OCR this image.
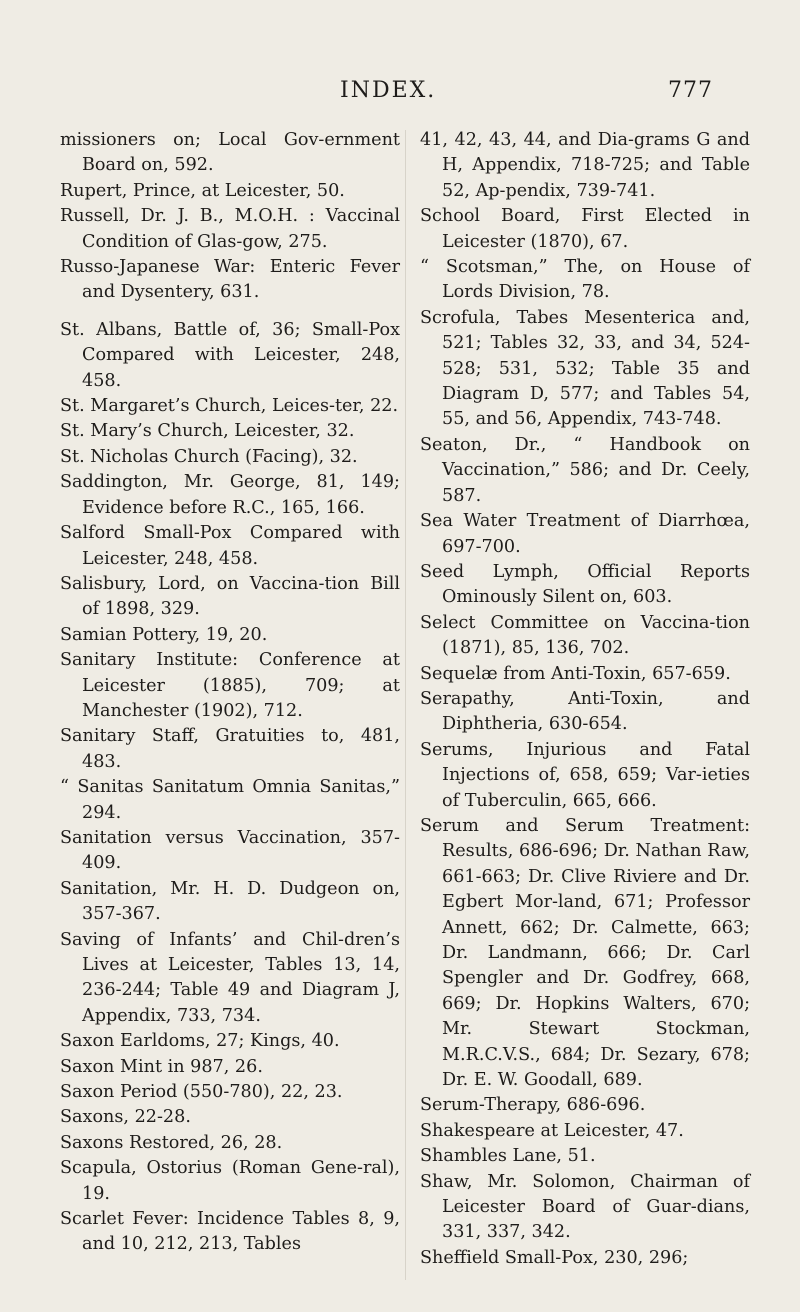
INDEX.	777

missioners on; Local Gov-ernment Board on, 592.

Rupert, Prince, at Leicester, 50.

Russell, Dr. J. B., M.O.H. : Vaccinal Condition of Glas-gow, 275.

Russo-Japanese War: Enteric Fever and Dysentery, 631.

St. Albans, Battle of, 36; Small-Pox Compared with Leicester, 248, 458.

St. Margaret’s Church, Leices-ter, 22.

St. Mary’s Church, Leicester, 32.

St. Nicholas Church (Facing), 32.

Saddington, Mr. George, 81, 149; Evidence before R.C., 165, 166.

Salford Small-Pox Compared with Leicester, 248, 458.

Salisbury, Lord, on Vaccina-tion Bill of 1898, 329.

Samian Pottery, 19, 20.

Sanitary Institute: Conference at Leicester (1885), 709; at Manchester (1902), 712.

Sanitary Staff, Gratuities to, 481, 483.

“ Sanitas Sanitatum Omnia Sanitas,” 294.

Sanitation versus Vaccination, 357-409.

Sanitation, Mr. H. D. Dudgeon on, 357-367.

Saving of Infants’ and Chil-dren’s Lives at Leicester, Tables 13, 14, 236-244; Table 49 and Diagram J, Appendix, 733, 734.

Saxon Earldoms, 27; Kings, 40.

Saxon Mint in 987, 26.

Saxon Period (550-780), 22, 23.

Saxons, 22-28.

Saxons Restored, 26, 28.

Scapula, Ostorius (Roman Gene-ral), 19.

Scarlet Fever: Incidence Tables 8, 9, and 10, 212, 213, Tables

41, 42, 43, 44, and Dia-grams G and H, Appendix, 718-725; and Table 52, Ap-pendix, 739-741.

School Board, First Elected in Leicester (1870), 67.

“ Scotsman,” The, on House of Lords Division, 78.

Scrofula, Tabes Mesenterica and, 521; Tables 32, 33, and 34, 524-528; 531, 532; Table 35 and Diagram D, 577; and Tables 54, 55, and 56, Appendix, 743-748.

Seaton, Dr., “ Handbook on Vaccination,” 586; and Dr. Ceely, 587.

Sea Water Treatment of Diarrhœa, 697-700.

Seed Lymph, Official Reports Ominously Silent on, 603.

Select Committee on Vaccina-tion (1871), 85, 136, 702.

Sequelæ from Anti-Toxin, 657-659.

Serapathy, Anti-Toxin, and Diphtheria, 630-654.

Serums, Injurious and Fatal Injections of, 658, 659; Var-ieties of Tuberculin, 665, 666.

Serum and Serum Treatment: Results, 686-696; Dr. Nathan Raw, 661-663; Dr. Clive Riviere and Dr. Egbert Mor-land, 671; Professor Annett, 662; Dr. Calmette, 663; Dr. Landmann, 666; Dr. Carl Spengler and Dr. Godfrey, 668, 669; Dr. Hopkins Walters, 670; Mr. Stewart Stockman, M.R.C.V.S., 684; Dr. Sezary, 678; Dr. E. W. Goodall, 689.

Serum-Therapy, 686-696.

Shakespeare at Leicester, 47.

Shambles Lane, 51.

Shaw, Mr. Solomon, Chairman of Leicester Board of Guar-dians, 331, 337, 342.

Sheffield Small-Pox, 230, 296;
